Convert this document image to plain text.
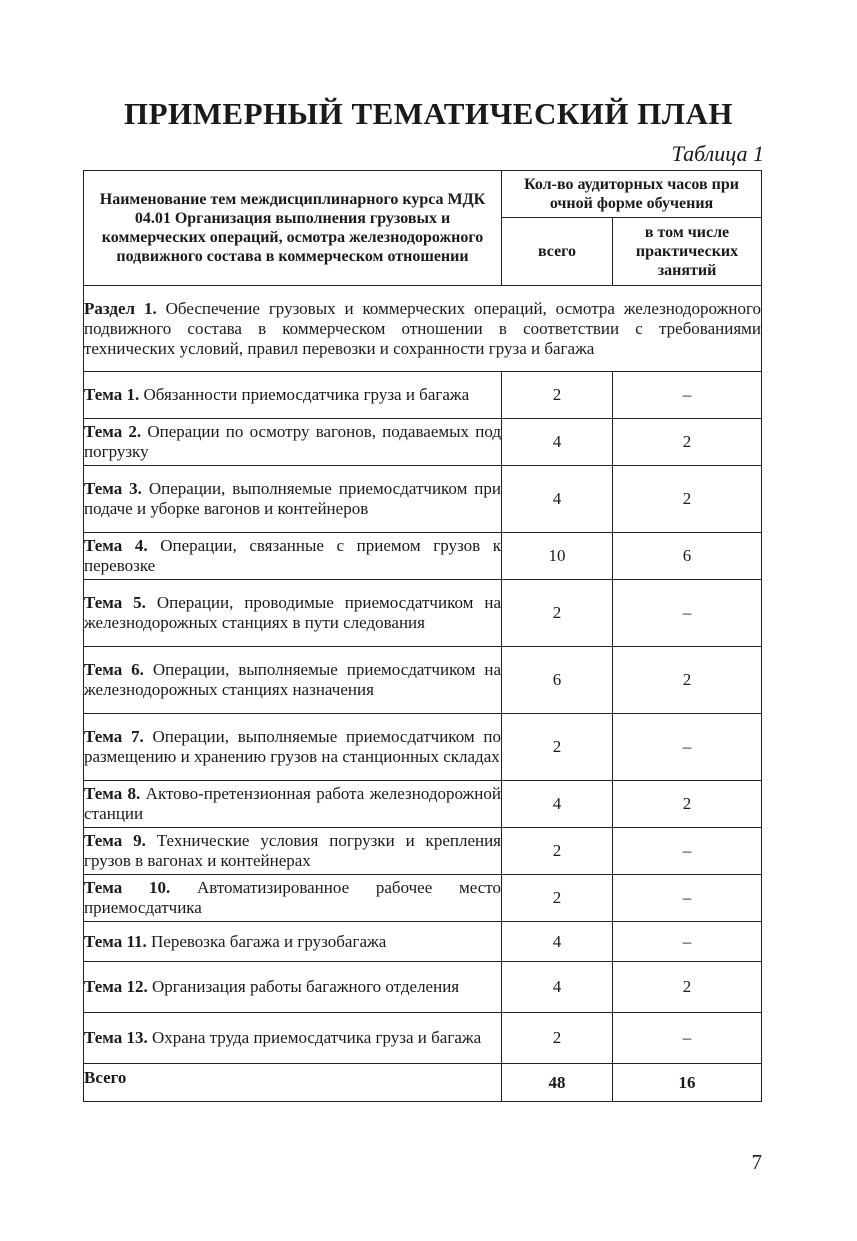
ПРИМЕРНЫЙ ТЕМАТИЧЕСКИЙ ПЛАН
Таблица 1
Наименование тем междисциплинарного курса МДК 04.01 Организация выполнения грузовых и коммерческих операций, осмотра железнодорожного подвижного состава в коммерческом отношении	Кол-во аудиторных часов при очной форме обучения	
	всего	в том числе практических занятий
Раздел 1. Обеспечение грузовых и коммерческих операций, осмотра железнодорожного подвижного состава в коммерческом отношении в соответствии с требованиями технических условий, правил перевозки и сохранности груза и багажа		
Тема 1. Обязанности приемосдатчика груза и багажа	2	–
Тема 2. Операции по осмотру вагонов, подаваемых под погрузку	4	2
Тема 3. Операции, выполняемые приемосдатчиком при подаче и уборке вагонов и контейнеров	4	2
Тема 4. Операции, связанные с приемом грузов к перевозке	10	6
Тема 5. Операции, проводимые приемосдатчиком на железнодорожных станциях в пути следования	2	–
Тема 6. Операции, выполняемые приемосдатчиком на железнодорожных станциях назначения	6	2
Тема 7. Операции, выполняемые приемосдатчиком по размещению и хранению грузов на станционных складах	2	–
Тема 8. Актово-претензионная работа железнодорожной станции	4	2
Тема 9. Технические условия погрузки и крепления грузов в вагонах и контейнерах	2	–
Тема 10. Автоматизированное рабочее место приемосдатчика	2	–
Тема 11. Перевозка багажа и грузобагажа	4	–
Тема 12. Организация работы багажного отделения	4	2
Тема 13. Охрана труда приемосдатчика груза и багажа	2	–
Всего	48	16
7
